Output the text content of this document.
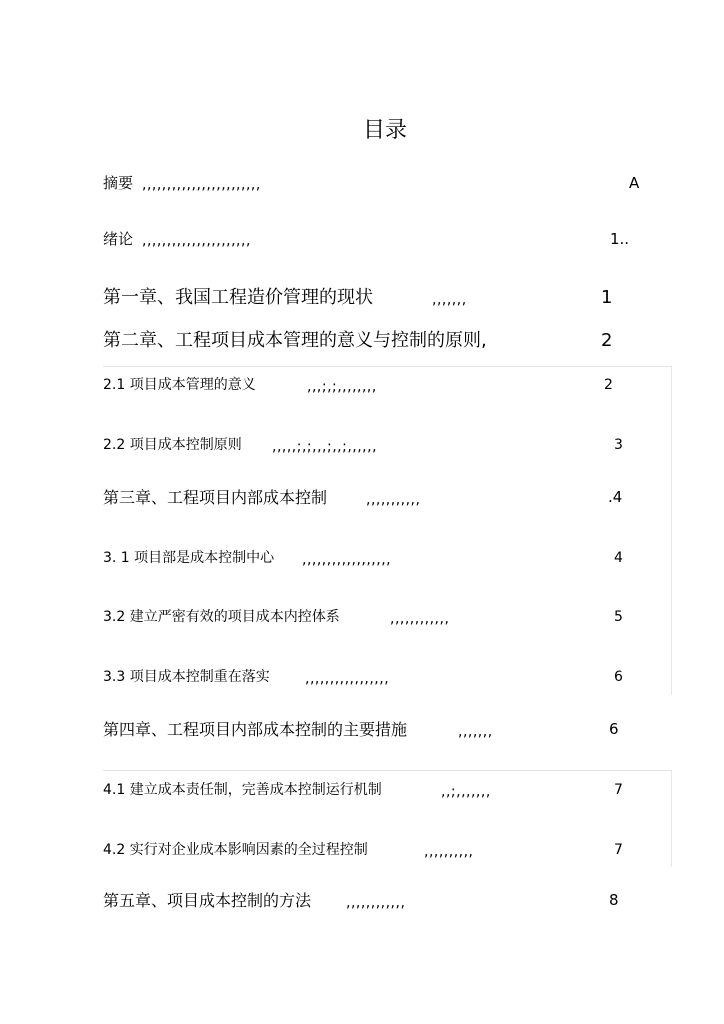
目录
摘要 ,,,,,,,,,,,,,,,,,,,,,,,,	A
绪论 ,,,,,,,,,,,,,,,,,,,,,,	1..
第一章、我国工程造价管理的现状	,,,,,,,	1
第二章、工程项目成本管理的意义与控制的原则,	2
2.1 项目成本管理的意义	,,,;,;,,,,,,,,	2
2.2 项目成本控制原则 ,,,,,;,;,,,;,,;,,,,,,	3
第三章、工程项目内部成本控制	,,,,,,,,,,,	.4
3. 1 项目部是成本控制中心 ,,,,,,,,,,,,,,,,,,	4
3.2 建立严密有效的项目成本内控体系	,,,,,,,,,,,,	5
3.3 项目成本控制重在落实	,,,,,,,,,,,,,,,,,	6
第四章、工程项目内部成本控制的主要措施	,,,,,,,	6
4.1 建立成本责任制，完善成本控制运行机制	,,;,,,,,,,	7
4.2 实行对企业成本影响因素的全过程控制	,,,,,,,,,,	7
第五章、项目成本控制的方法 ,,,,,,,,,,,,	8
